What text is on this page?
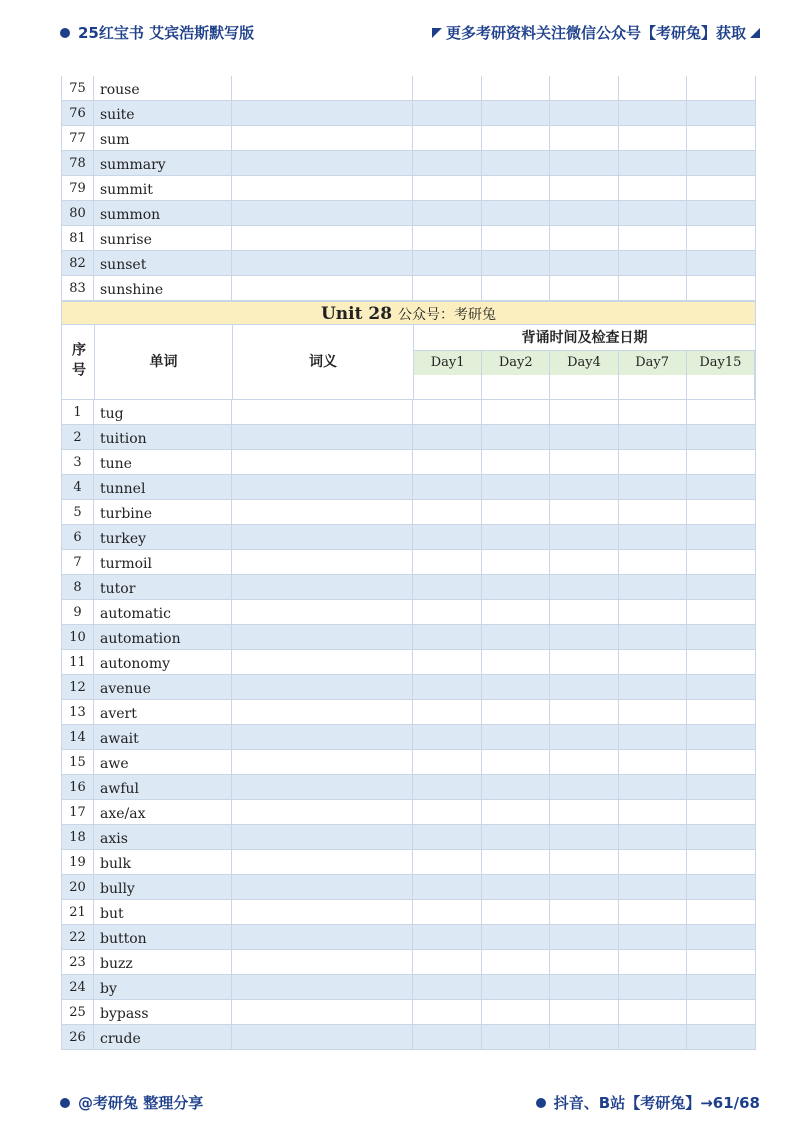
25红宝书 艾宾浩斯默写版	更多考研资料关注微信公众号【考研兔】获取
75	rouse
76	suite
77	sum
78	summary
79	summit
80	summon
81	sunrise
82	sunset
83	sunshine
Unit 28 公众号：考研兔
序号	单词	词义
背诵时间及检查日期
Day1	Day2	Day4	Day7	Day15
1	tug
2	tuition
3	tune
4	tunnel
5	turbine
6	turkey
7	turmoil
8	tutor
9	automatic
10	automation
11	autonomy
12	avenue
13	avert
14	await
15	awe
16	awful
17	axe/ax
18	axis
19	bulk
20	bully
21	but
22	button
23	buzz
24	by
25	bypass
26	crude
@考研兔 整理分享	抖音、B站【考研兔】→61/68
